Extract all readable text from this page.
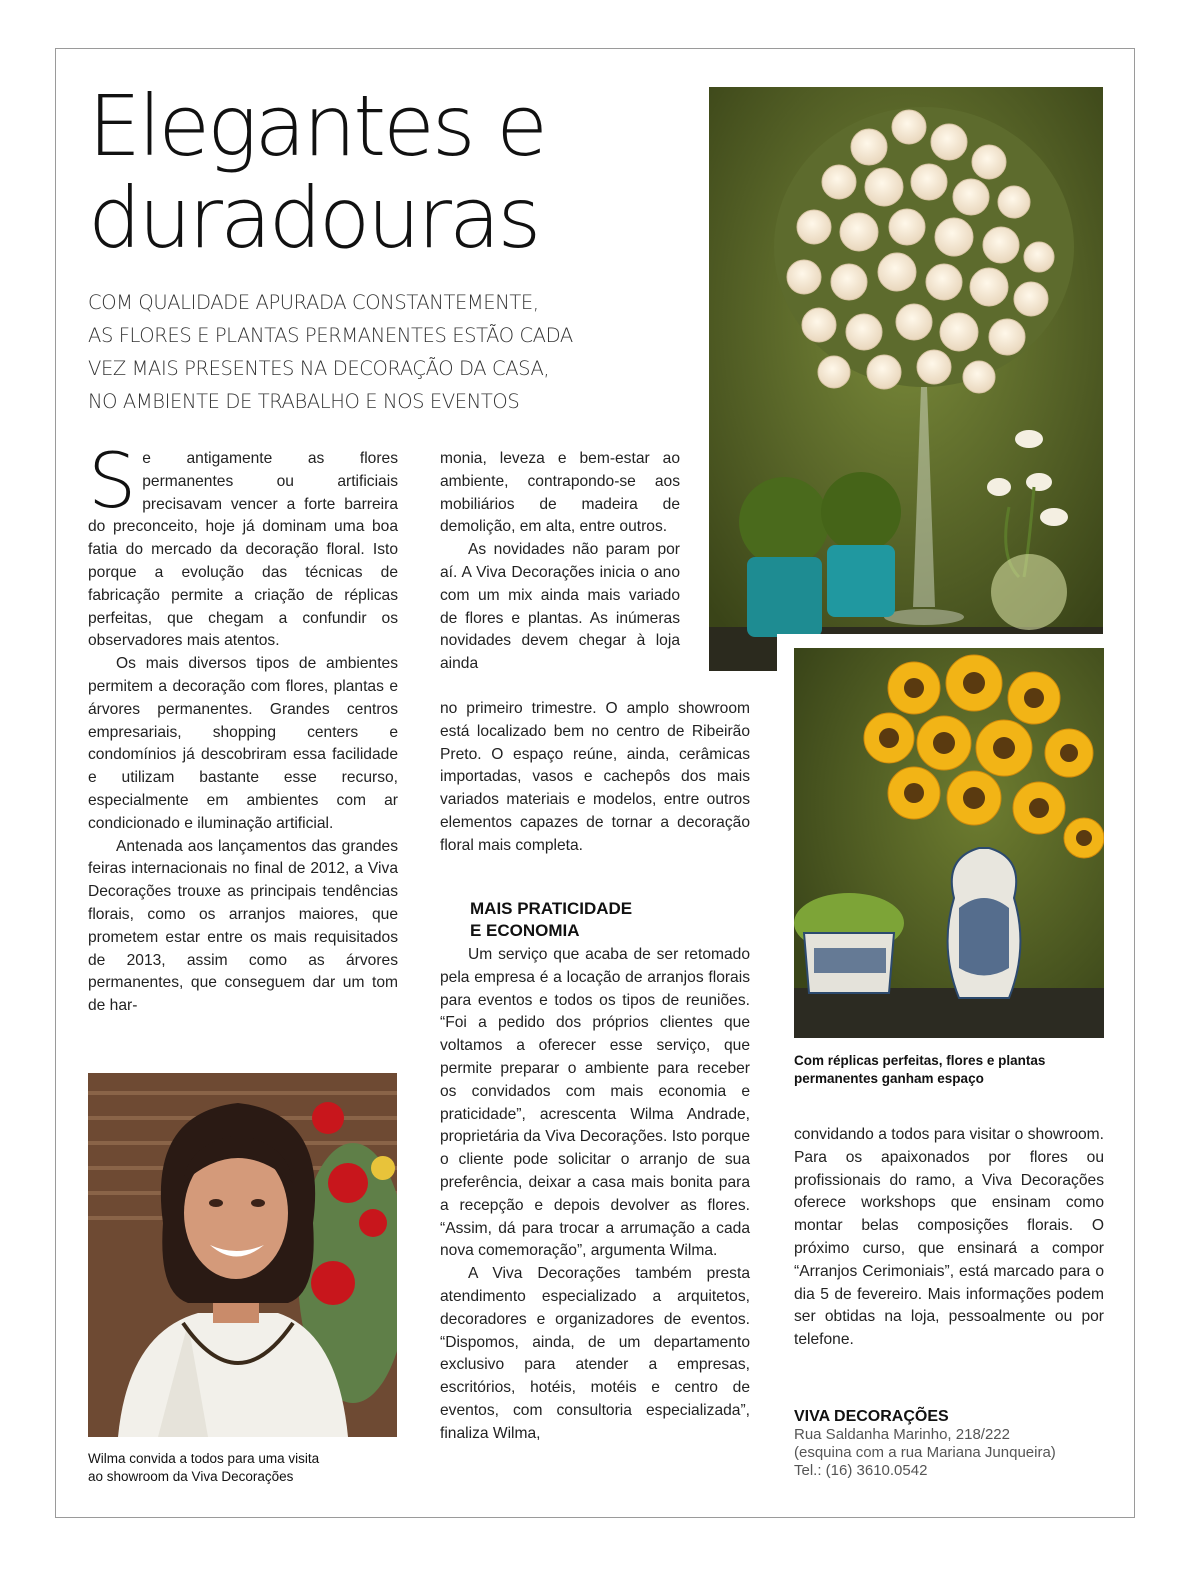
Elegantes e
duradouras

COM QUALIDADE APURADA CONSTANTEMENTE,
AS FLORES E PLANTAS PERMANENTES ESTÃO CADA
VEZ MAIS PRESENTES NA DECORAÇÃO DA CASA,
NO AMBIENTE DE TRABALHO E NOS EVENTOS

Se antigamente as flores permanentes ou artificiais precisavam vencer a forte barreira do preconceito, hoje já dominam uma boa fatia do mercado da decoração floral. Isto porque a evolução das técnicas de fabricação permite a criação de réplicas perfeitas, que chegam a confundir os observadores mais atentos.

Os mais diversos tipos de ambientes permitem a decoração com flores, plantas e árvores permanentes. Grandes centros empresariais, shopping centers e condomínios já descobriram essa facilidade e utilizam bastante esse recurso, especialmente em ambientes com ar condicionado e iluminação artificial.

Antenada aos lançamentos das grandes feiras internacionais no final de 2012, a Viva Decorações trouxe as principais tendências florais, como os arranjos maiores, que prometem estar entre os mais requisitados de 2013, assim como as árvores permanentes, que conseguem dar um tom de har-

monia, leveza e bem-estar ao ambiente, contrapondo-se aos mobiliários de madeira de demolição, em alta, entre outros.

As novidades não param por aí. A Viva Decorações inicia o ano com um mix ainda mais variado de flores e plantas. As inúmeras novidades devem chegar à loja ainda

no primeiro trimestre. O amplo showroom está localizado bem no centro de Ribeirão Preto. O espaço reúne, ainda, cerâmicas importadas, vasos e cachepôs dos mais variados materiais e modelos, entre outros elementos capazes de tornar a decoração floral mais completa.

MAIS PRATICIDADE
E ECONOMIA

Um serviço que acaba de ser retomado pela empresa é a locação de arranjos florais para eventos e todos os tipos de reuniões. “Foi a pedido dos próprios clientes que voltamos a oferecer esse serviço, que permite preparar o ambiente para receber os convidados com mais economia e praticidade”, acrescenta Wilma Andrade, proprietária da Viva Decorações. Isto porque o cliente pode solicitar o arranjo de sua preferência, deixar a casa mais bonita para a recepção e depois devolver as flores. “Assim, dá para trocar a arrumação a cada nova comemoração”, argumenta Wilma.

A Viva Decorações também presta atendimento especializado a arquitetos, decoradores e organizadores de eventos. “Dispomos, ainda, de um departamento exclusivo para atender a empresas, escritórios, hotéis, motéis e centro de eventos, com consultoria especializada”, finaliza Wilma,

convidando a todos para visitar o showroom. Para os apaixonados por flores ou profissionais do ramo, a Viva Decorações oferece workshops que ensinam como montar belas composições florais. O próximo curso, que ensinará a compor “Arranjos Cerimoniais”, está marcado para o dia 5 de fevereiro. Mais informações podem ser obtidas na loja, pessoalmente ou por telefone.

Wilma convida a todos para uma visita
ao showroom da Viva Decorações

Com réplicas perfeitas, flores e plantas
permanentes ganham espaço

VIVA DECORAÇÕES
Rua Saldanha Marinho, 218/222
(esquina com a rua Mariana Junqueira)
Tel.: (16) 3610.0542
